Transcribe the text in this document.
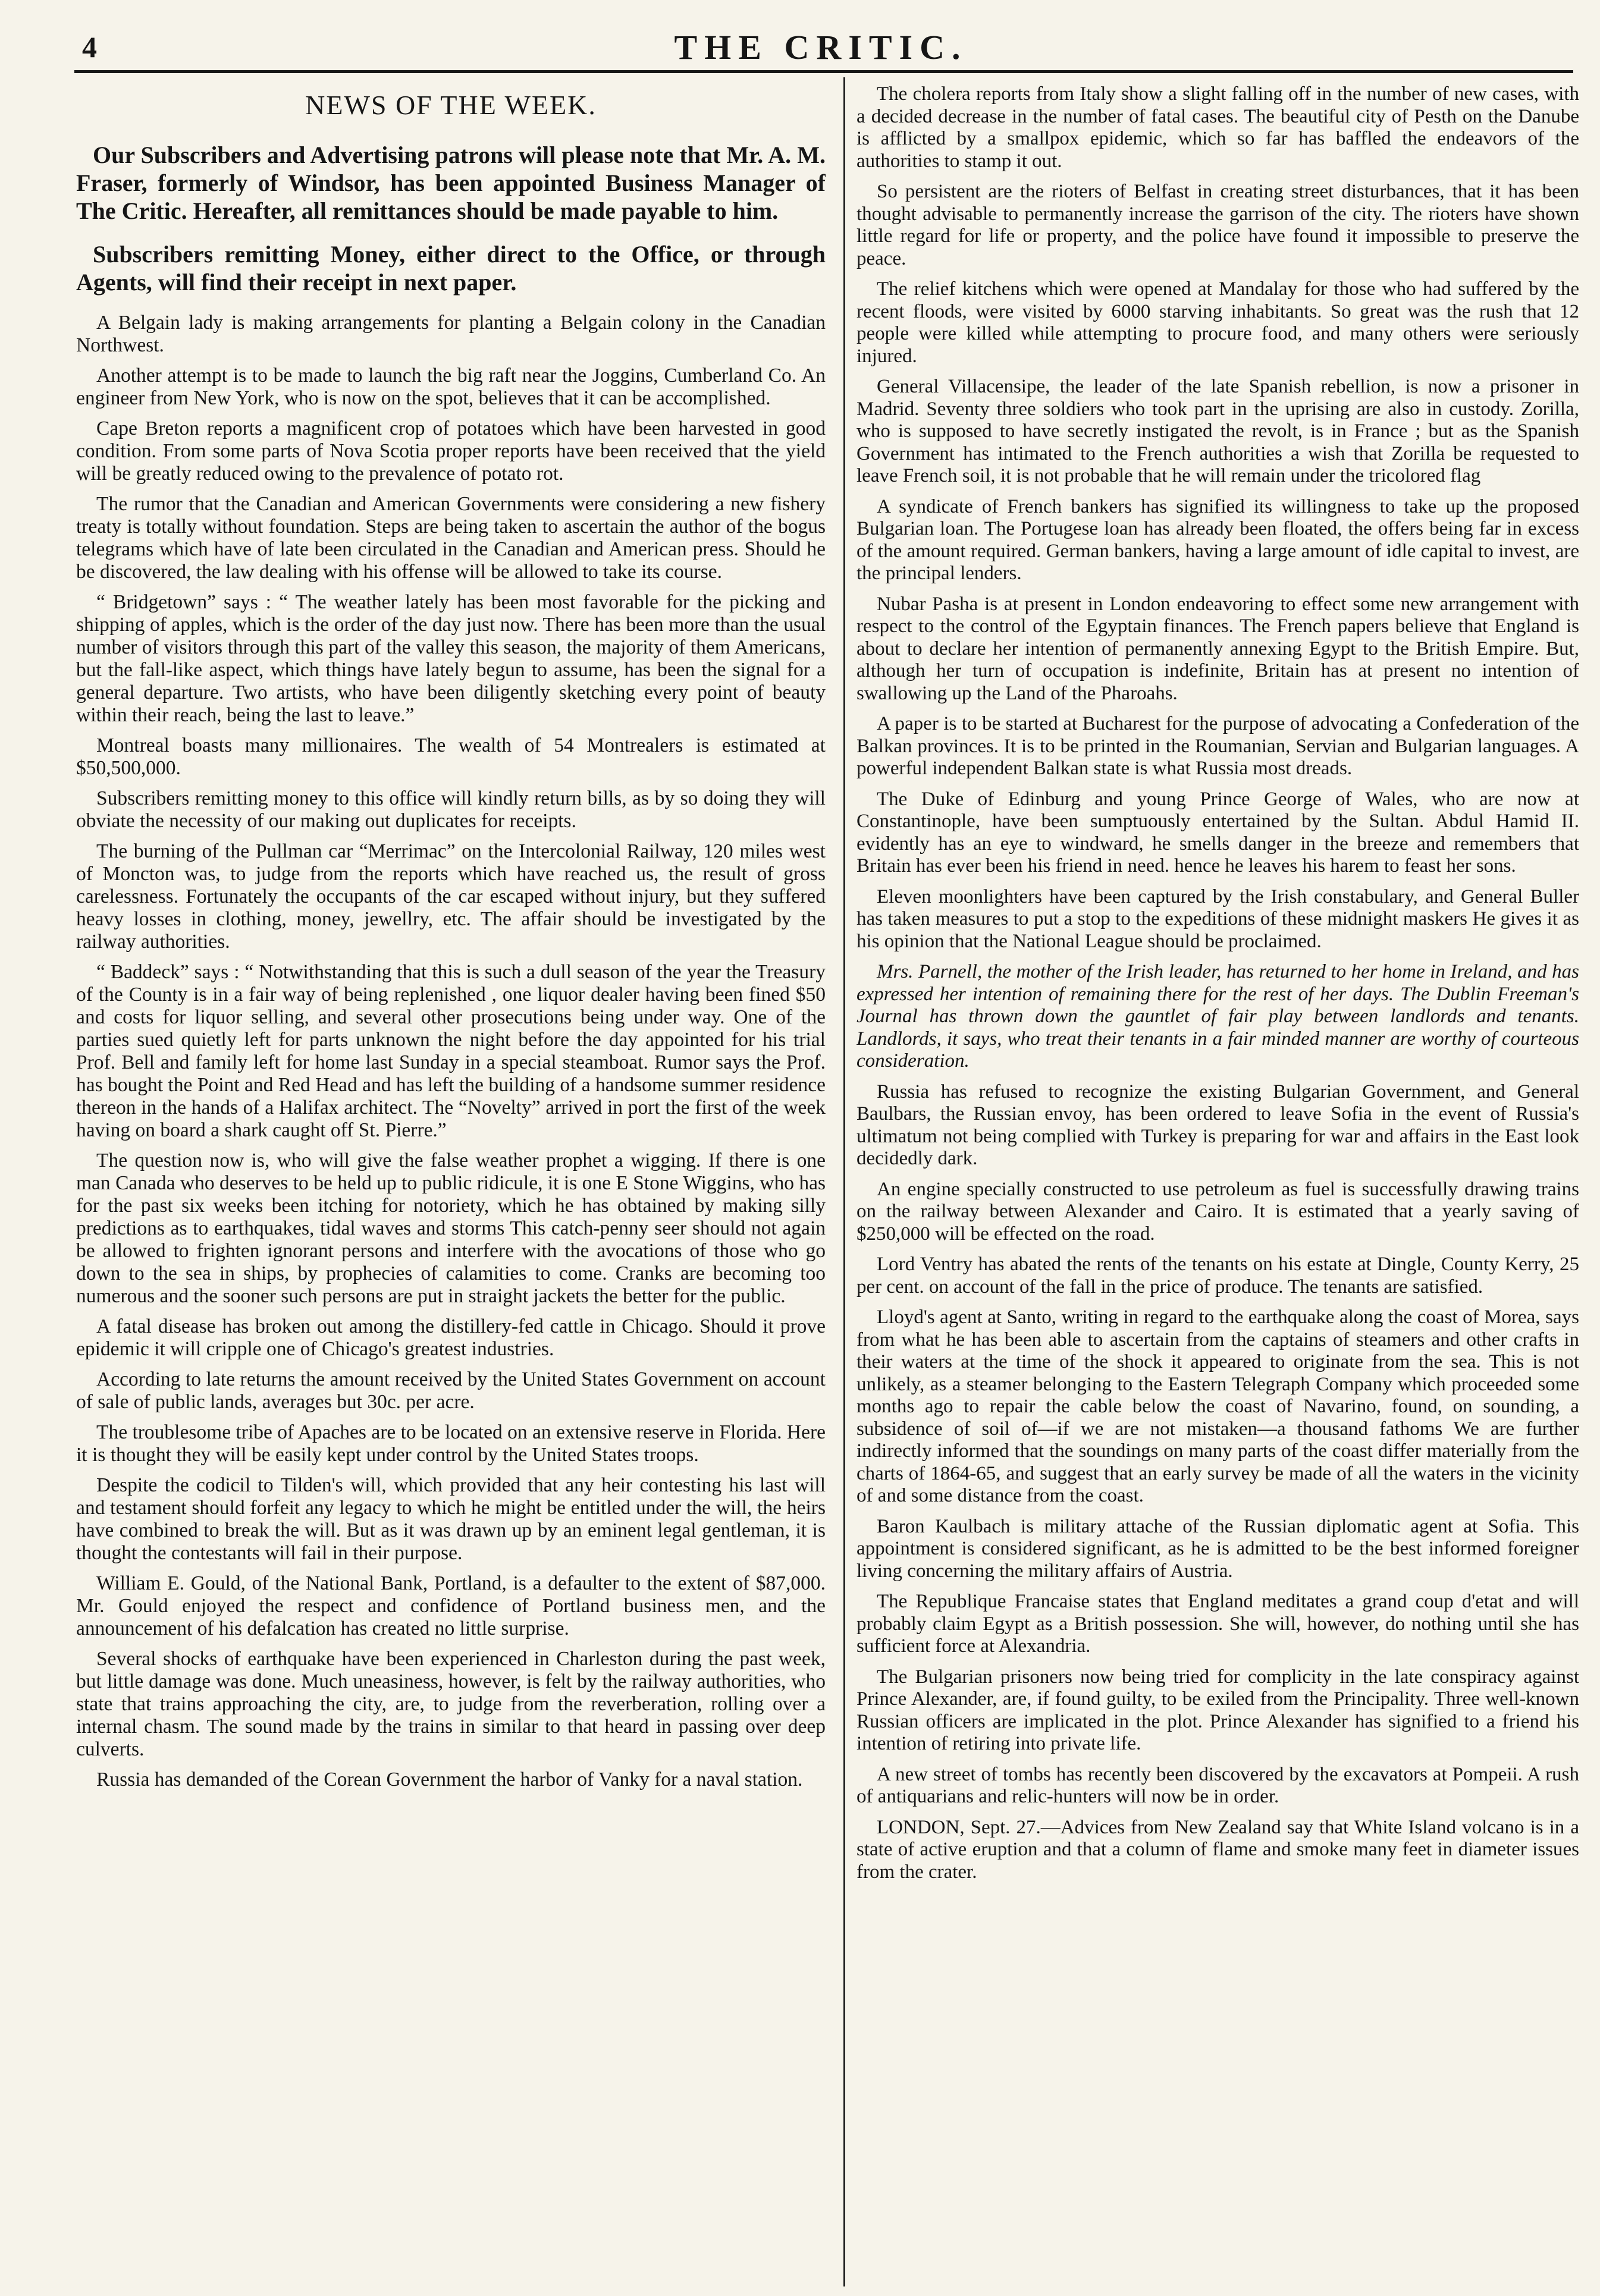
4	THE CRITIC.
NEWS OF THE WEEK.

Our Subscribers and Advertising patrons will please note that Mr. A. M. Fraser, formerly of Windsor, has been appointed Business Manager of The Critic. Hereafter, all remittances should be made payable to him.

Subscribers remitting Money, either direct to the Office, or through Agents, will find their receipt in next paper.

A Belgain lady is making arrangements for planting a Belgain colony in the Canadian Northwest.

Another attempt is to be made to launch the big raft near the Joggins, Cumberland Co. An engineer from New York, who is now on the spot, believes that it can be accomplished.

Cape Breton reports a magnificent crop of potatoes which have been harvested in good condition. From some parts of Nova Scotia proper reports have been received that the yield will be greatly reduced owing to the prevalence of potato rot.

The rumor that the Canadian and American Governments were considering a new fishery treaty is totally without foundation. Steps are being taken to ascertain the author of the bogus telegrams which have of late been circulated in the Canadian and American press. Should he be discovered, the law dealing with his offense will be allowed to take its course.

“ Bridgetown” says : “ The weather lately has been most favorable for the picking and shipping of apples, which is the order of the day just now. There has been more than the usual number of visitors through this part of the valley this season, the majority of them Americans, but the fall-like aspect, which things have lately begun to assume, has been the signal for a general departure. Two artists, who have been diligently sketching every point of beauty within their reach, being the last to leave.”

Montreal boasts many millionaires. The wealth of 54 Montrealers is estimated at $50,500,000.

Subscribers remitting money to this office will kindly return bills, as by so doing they will obviate the necessity of our making out duplicates for receipts.

The burning of the Pullman car “Merrimac” on the Intercolonial Railway, 120 miles west of Moncton was, to judge from the reports which have reached us, the result of gross carelessness. Fortunately the occupants of the car escaped without injury, but they suffered heavy losses in clothing, money, jewellry, etc. The affair should be investigated by the railway authorities.

“ Baddeck” says : “ Notwithstanding that this is such a dull season of the year the Treasury of the County is in a fair way of being replenished , one liquor dealer having been fined $50 and costs for liquor selling, and several other prosecutions being under way. One of the parties sued quietly left for parts unknown the night before the day appointed for his trial Prof. Bell and family left for home last Sunday in a special steamboat. Rumor says the Prof. has bought the Point and Red Head and has left the building of a handsome summer residence thereon in the hands of a Halifax architect. The “Novelty” arrived in port the first of the week having on board a shark caught off St. Pierre.”

The question now is, who will give the false weather prophet a wigging. If there is one man Canada who deserves to be held up to public ridicule, it is one E Stone Wiggins, who has for the past six weeks been itching for notoriety, which he has obtained by making silly predictions as to earthquakes, tidal waves and storms This catch-penny seer should not again be allowed to frighten ignorant persons and interfere with the avocations of those who go down to the sea in ships, by prophecies of calamities to come. Cranks are becoming too numerous and the sooner such persons are put in straight jackets the better for the public.

A fatal disease has broken out among the distillery-fed cattle in Chicago. Should it prove epidemic it will cripple one of Chicago's greatest industries.

According to late returns the amount received by the United States Government on account of sale of public lands, averages but 30c. per acre.

The troublesome tribe of Apaches are to be located on an extensive reserve in Florida. Here it is thought they will be easily kept under control by the United States troops.

Despite the codicil to Tilden's will, which provided that any heir contesting his last will and testament should forfeit any legacy to which he might be entitled under the will, the heirs have combined to break the will. But as it was drawn up by an eminent legal gentleman, it is thought the contestants will fail in their purpose.

William E. Gould, of the National Bank, Portland, is a defaulter to the extent of $87,000. Mr. Gould enjoyed the respect and confidence of Portland business men, and the announcement of his defalcation has created no little surprise.

Several shocks of earthquake have been experienced in Charleston during the past week, but little damage was done. Much uneasiness, however, is felt by the railway authorities, who state that trains approaching the city, are, to judge from the reverberation, rolling over a internal chasm. The sound made by the trains in similar to that heard in passing over deep culverts.

Russia has demanded of the Corean Government the harbor of Vanky for a naval station.

The cholera reports from Italy show a slight falling off in the number of new cases, with a decided decrease in the number of fatal cases. The beautiful city of Pesth on the Danube is afflicted by a smallpox epidemic, which so far has baffled the endeavors of the authorities to stamp it out.

So persistent are the rioters of Belfast in creating street disturbances, that it has been thought advisable to permanently increase the garrison of the city. The rioters have shown little regard for life or property, and the police have found it impossible to preserve the peace.

The relief kitchens which were opened at Mandalay for those who had suffered by the recent floods, were visited by 6000 starving inhabitants. So great was the rush that 12 people were killed while attempting to procure food, and many others were seriously injured.

General Villacensipe, the leader of the late Spanish rebellion, is now a prisoner in Madrid. Seventy three soldiers who took part in the uprising are also in custody. Zorilla, who is supposed to have secretly instigated the revolt, is in France ; but as the Spanish Government has intimated to the French authorities a wish that Zorilla be requested to leave French soil, it is not probable that he will remain under the tricolored flag

A syndicate of French bankers has signified its willingness to take up the proposed Bulgarian loan. The Portugese loan has already been floated, the offers being far in excess of the amount required. German bankers, having a large amount of idle capital to invest, are the principal lenders.

Nubar Pasha is at present in London endeavoring to effect some new arrangement with respect to the control of the Egyptain finances. The French papers believe that England is about to declare her intention of permanently annexing Egypt to the British Empire. But, although her turn of occupation is indefinite, Britain has at present no intention of swallowing up the Land of the Pharoahs.

A paper is to be started at Bucharest for the purpose of advocating a Confederation of the Balkan provinces. It is to be printed in the Roumanian, Servian and Bulgarian languages. A powerful independent Balkan state is what Russia most dreads.

The Duke of Edinburg and young Prince George of Wales, who are now at Constantinople, have been sumptuously entertained by the Sultan. Abdul Hamid II. evidently has an eye to windward, he smells danger in the breeze and remembers that Britain has ever been his friend in need. hence he leaves his harem to feast her sons.

Eleven moonlighters have been captured by the Irish constabulary, and General Buller has taken measures to put a stop to the expeditions of these midnight maskers He gives it as his opinion that the National League should be proclaimed.

Mrs. Parnell, the mother of the Irish leader, has returned to her home in Ireland, and has expressed her intention of remaining there for the rest of her days. The Dublin Freeman's Journal has thrown down the gauntlet of fair play between landlords and tenants. Landlords, it says, who treat their tenants in a fair minded manner are worthy of courteous consideration.

Russia has refused to recognize the existing Bulgarian Government, and General Baulbars, the Russian envoy, has been ordered to leave Sofia in the event of Russia's ultimatum not being complied with Turkey is preparing for war and affairs in the East look decidedly dark.

An engine specially constructed to use petroleum as fuel is successfully drawing trains on the railway between Alexander and Cairo. It is estimated that a yearly saving of $250,000 will be effected on the road.

Lord Ventry has abated the rents of the tenants on his estate at Dingle, County Kerry, 25 per cent. on account of the fall in the price of produce. The tenants are satisfied.

Lloyd's agent at Santo, writing in regard to the earthquake along the coast of Morea, says from what he has been able to ascertain from the captains of steamers and other crafts in their waters at the time of the shock it appeared to originate from the sea. This is not unlikely, as a steamer belonging to the Eastern Telegraph Company which proceeded some months ago to repair the cable below the coast of Navarino, found, on sounding, a subsidence of soil of—if we are not mistaken—a thousand fathoms We are further indirectly informed that the soundings on many parts of the coast differ materially from the charts of 1864-65, and suggest that an early survey be made of all the waters in the vicinity of and some distance from the coast.

Baron Kaulbach is military attache of the Russian diplomatic agent at Sofia. This appointment is considered significant, as he is admitted to be the best informed foreigner living concerning the military affairs of Austria.

The Republique Francaise states that England meditates a grand coup d'etat and will probably claim Egypt as a British possession. She will, however, do nothing until she has sufficient force at Alexandria.

The Bulgarian prisoners now being tried for complicity in the late conspiracy against Prince Alexander, are, if found guilty, to be exiled from the Principality. Three well-known Russian officers are implicated in the plot. Prince Alexander has signified to a friend his intention of retiring into private life.

A new street of tombs has recently been discovered by the excavators at Pompeii. A rush of antiquarians and relic-hunters will now be in order.

LONDON, Sept. 27.—Advices from New Zealand say that White Island volcano is in a state of active eruption and that a column of flame and smoke many feet in diameter issues from the crater.
